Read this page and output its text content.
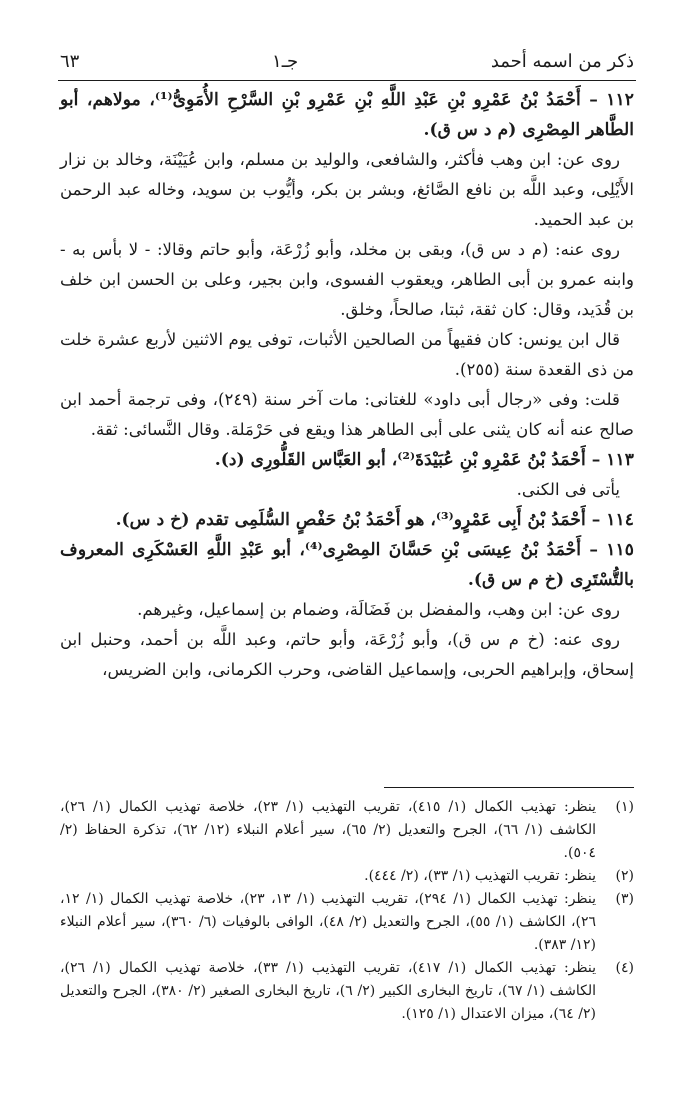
٦٣	جـ١	ذكر من اسمه أحمد

١١٢ – أَحْمَدُ بْنُ عَمْرِو بْنِ عَبْدِ اللَّهِ بْنِ عَمْرِو بْنِ السَّرْحِ الأُمَوِىُّ⁽¹⁾، مولاهم، أبو الطَّاهر المِصْرِى (م د س ق).

روى عن: ابن وهب فأكثر، والشافعى، والوليد بن مسلم، وابن عُيَيْنَة، وخالد بن نزار الأَيْلِى، وعبد اللَّه بن نافع الصَّائغ، وبشر بن بكر، وأيُّوب بن سويد، وخاله عبد الرحمن بن عبد الحميد.

روى عنه: (م د س ق)، وبقى بن مخلد، وأبو زُرْعَة، وأبو حاتم وقالا: - لا بأس به - وابنه عمرو بن أبى الطاهر، ويعقوب الفسوى، وابن بجير، وعلى بن الحسن ابن خلف بن قُدَيد، وقال: كان ثقة، ثبتا، صالحاً، وخلق.

قال ابن يونس: كان فقيهاً من الصالحين الأثبات، توفى يوم الاثنين لأربع عشرة خلت من ذى القعدة سنة (٢٥٥).

قلت: وفى «رجال أبى داود» للغتانى: مات آخر سنة (٢٤٩)، وفى ترجمة أحمد ابن صالح عنه أنه كان يثنى على أبى الطاهر هذا ويقع فى حَرْمَلة. وقال النَّسائى: ثقة.

١١٣ – أَحْمَدُ بْنُ عَمْرِو بْنِ عُبَيْدَةَ⁽²⁾، أبو العَبَّاس القَلُّورِى (د).

يأتى فى الكنى.

١١٤ – أَحْمَدُ بْنُ أَبِى عَمْرٍو⁽³⁾، هو أَحْمَدُ بْنُ حَفْصٍ السُّلَمِى تقدم (خ د س).

١١٥ – أَحْمَدُ بْنُ عِيسَى بْنِ حَسَّانَ المِصْرِى⁽⁴⁾، أبو عَبْدِ اللَّهِ العَسْكَرِى المعروف بالتُّسْتَرِى (خ م س ق).

روى عن: ابن وهب، والمفضل بن فَضَالَة، وضمام بن إسماعيل، وغيرهم.

روى عنه: (خ م س ق)، وأبو زُرْعَة، وأبو حاتم، وعبد اللَّه بن أحمد، وحنبل ابن إسحاق، وإبراهيم الحربى، وإسماعيل القاضى، وحرب الكرمانى، وابن الضريس،

(١)
ينظر: تهذيب الكمال (١/ ٤١٥)، تقريب التهذيب (١/ ٢٣)، خلاصة تهذيب الكمال (١/ ٢٦)، الكاشف (١/ ٦٦)، الجرح والتعديل (٢/ ٦٥)، سير أعلام النبلاء (١٢/ ٦٢)، تذكرة الحفاظ (٢/ ٥٠٤).
(٢)
ينظر: تقريب التهذيب (١/ ٣٣)، (٢/ ٤٤٤).
(٣)
ينظر: تهذيب الكمال (١/ ٢٩٤)، تقريب التهذيب (١/ ١٣، ٢٣)، خلاصة تهذيب الكمال (١/ ١٢، ٢٦)، الكاشف (١/ ٥٥)، الجرح والتعديل (٢/ ٤٨)، الوافى بالوفيات (٦/ ٣٦٠)، سير أعلام النبلاء (١٢/ ٣٨٣).
(٤)
ينظر: تهذيب الكمال (١/ ٤١٧)، تقريب التهذيب (١/ ٣٣)، خلاصة تهذيب الكمال (١/ ٢٦)، الكاشف (١/ ٦٧)، تاريخ البخارى الكبير (٢/ ٦)، تاريخ البخارى الصغير (٢/ ٣٨٠)، الجرح والتعديل (٢/ ٦٤)، ميزان الاعتدال (١/ ١٢٥).
